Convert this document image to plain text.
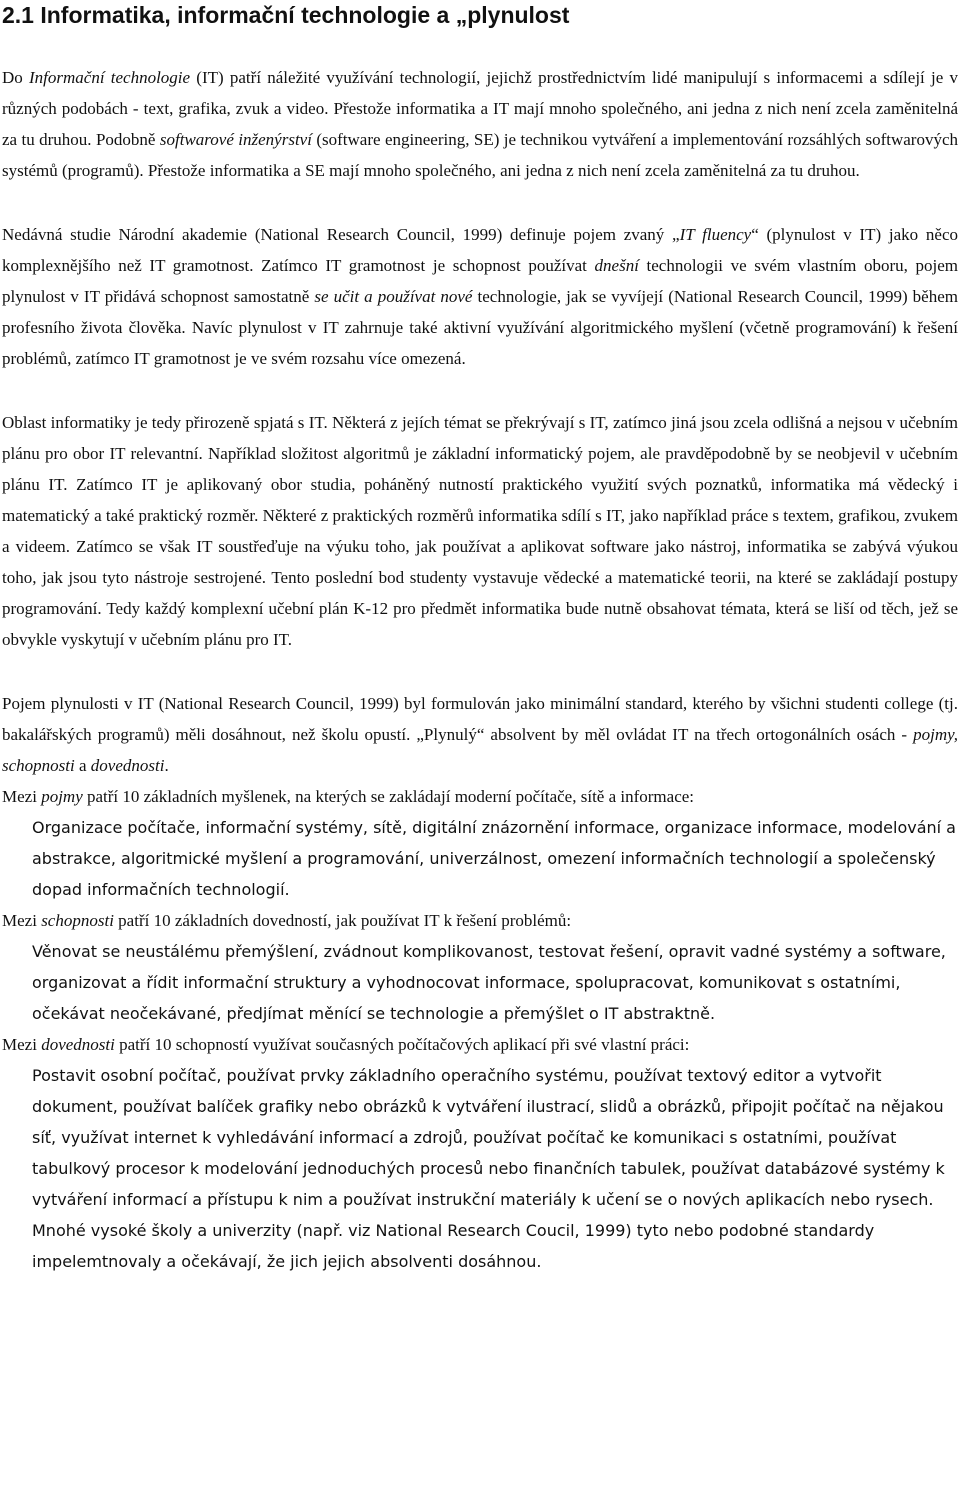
2.1 Informatika, informační technologie a „plynulost

Do Informační technologie (IT) patří náležité využívání technologií, jejichž prostřednictvím lidé manipulují s informacemi a sdílejí je v různých podobách - text, grafika, zvuk a video. Přestože informatika a IT mají mnoho společného, ani jedna z nich není zcela zaměnitelná za tu druhou. Podobně softwarové inženýrství (software engineering, SE) je technikou vytváření a implementování rozsáhlých softwarových systémů (programů). Přestože informatika a SE mají mnoho společného, ani jedna z nich není zcela zaměnitelná za tu druhou.

Nedávná studie Národní akademie (National Research Council, 1999) definuje pojem zvaný „IT fluency“ (plynulost v IT) jako něco komplexnějšího než IT gramotnost. Zatímco IT gramotnost je schopnost používat dnešní technologii ve svém vlastním oboru, pojem plynulost v IT přidává schopnost samostatně se učit a používat nové technologie, jak se vyvíjejí (National Research Council, 1999) během profesního života člověka. Navíc plynulost v IT zahrnuje také aktivní využívání algoritmického myšlení (včetně programování) k řešení problémů, zatímco IT gramotnost je ve svém rozsahu více omezená.

Oblast informatiky je tedy přirozeně spjatá s IT. Některá z jejích témat se překrývají s IT, zatímco jiná jsou zcela odlišná a nejsou v učebním plánu pro obor IT relevantní. Například složitost algoritmů je základní informatický pojem, ale pravděpodobně by se neobjevil v učebním plánu IT. Zatímco IT je aplikovaný obor studia, poháněný nutností praktického využití svých poznatků, informatika má vědecký i matematický a také praktický rozměr. Některé z praktických rozměrů informatika sdílí s IT, jako například práce s textem, grafikou, zvukem a videem. Zatímco se však IT soustřeďuje na výuku toho, jak používat a aplikovat software jako nástroj, informatika se zabývá výukou toho, jak jsou tyto nástroje sestrojené. Tento poslední bod studenty vystavuje vědecké a matematické teorii, na které se zakládají postupy programování. Tedy každý komplexní učební plán K-12 pro předmět informatika bude nutně obsahovat témata, která se liší od těch, jež se obvykle vyskytují v učebním plánu pro IT.

Pojem plynulosti v IT (National Research Council, 1999) byl formulován jako minimální standard, kterého by všichni studenti college (tj. bakalářských programů) měli dosáhnout, než školu opustí. „Plynulý“ absolvent by měl ovládat IT na třech ortogonálních osách - pojmy, schopnosti a dovednosti.

Mezi pojmy patří 10 základních myšlenek, na kterých se zakládají moderní počítače, sítě a informace:

Organizace počítače, informační systémy, sítě, digitální znázornění informace, organizace informace, modelování a abstrakce, algoritmické myšlení a programování, univerzálnost, omezení informačních technologií a společenský dopad informačních technologií.

Mezi schopnosti patří 10 základních dovedností, jak používat IT k řešení problémů:

Věnovat se neustálému přemýšlení, zvádnout komplikovanost, testovat řešení, opravit vadné systémy a software, organizovat a řídit informační struktury a vyhodnocovat informace, spolupracovat, komunikovat s ostatními, očekávat neočekávané, předjímat měnící se technologie a přemýšlet o IT abstraktně.

Mezi dovednosti patří 10 schopností využívat současných počítačových aplikací při své vlastní práci:

Postavit osobní počítač, používat prvky základního operačního systému, používat textový editor a vytvořit dokument, používat balíček grafiky nebo obrázků k vytváření ilustrací, slidů a obrázků, připojit počítač na nějakou síť, využívat internet k vyhledávání informací a zdrojů, používat počítač ke komunikaci s ostatními, používat tabulkový procesor k modelování jednoduchých procesů nebo finančních tabulek, používat databázové systémy k vytváření informací a přístupu k nim a používat instrukční materiály k učení se o nových aplikacích nebo rysech.

Mnohé vysoké školy a univerzity (např. viz National Research Coucil, 1999) tyto nebo podobné standardy impelemtnovaly a očekávají, že jich jejich absolventi dosáhnou.
